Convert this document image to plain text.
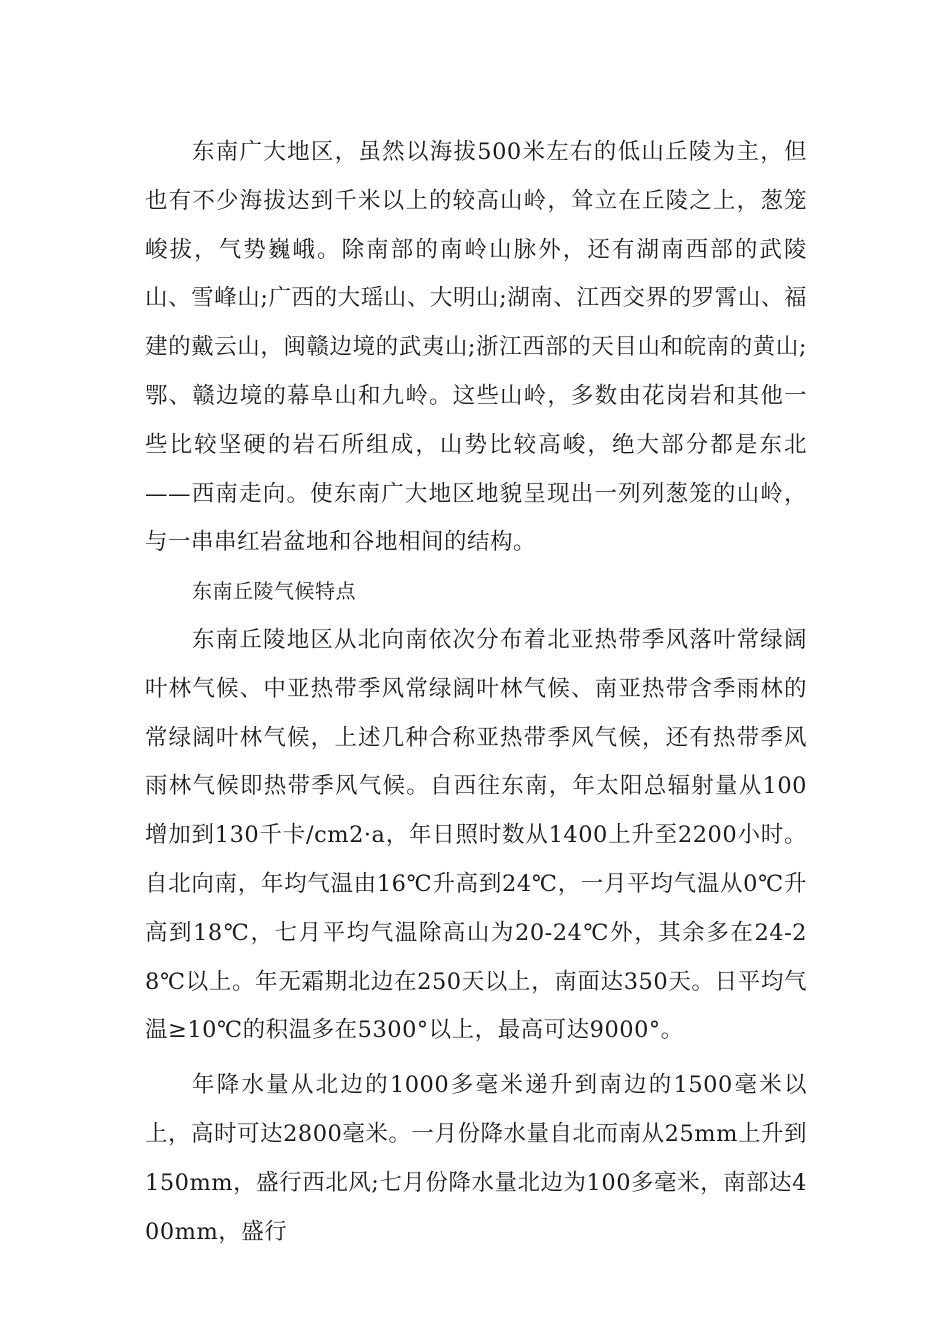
东南广大地区，虽然以海拔500米左右的低山丘陵为主，但也有不少海拔达到千米以上的较高山岭，耸立在丘陵之上，葱笼峻拔，气势巍峨。除南部的南岭山脉外，还有湖南西部的武陵山、雪峰山;广西的大瑶山、大明山;湖南、江西交界的罗霄山、福建的戴云山，闽赣边境的武夷山;浙江西部的天目山和皖南的黄山;鄂、赣边境的幕阜山和九岭。这些山岭，多数由花岗岩和其他一些比较坚硬的岩石所组成，山势比较高峻，绝大部分都是东北——西南走向。使东南广大地区地貌呈现出一列列葱笼的山岭，与一串串红岩盆地和谷地相间的结构。

东南丘陵气候特点

东南丘陵地区从北向南依次分布着北亚热带季风落叶常绿阔叶林气候、中亚热带季风常绿阔叶林气候、南亚热带含季雨林的常绿阔叶林气候，上述几种合称亚热带季风气候，还有热带季风雨林气候即热带季风气候。自西往东南，年太阳总辐射量从100增加到130千卡/cm2·a，年日照时数从1400上升至2200小时。自北向南，年均气温由16℃升高到24℃，一月平均气温从0℃升高到18℃，七月平均气温除高山为20-24℃外，其余多在24-28℃以上。年无霜期北边在250天以上，南面达350天。日平均气温≥10℃的积温多在5300°以上，最高可达9000°。

年降水量从北边的1000多毫米递升到南边的1500毫米以上，高时可达2800毫米。一月份降水量自北而南从25mm上升到150mm，盛行西北风;七月份降水量北边为100多毫米，南部达400mm，盛行
